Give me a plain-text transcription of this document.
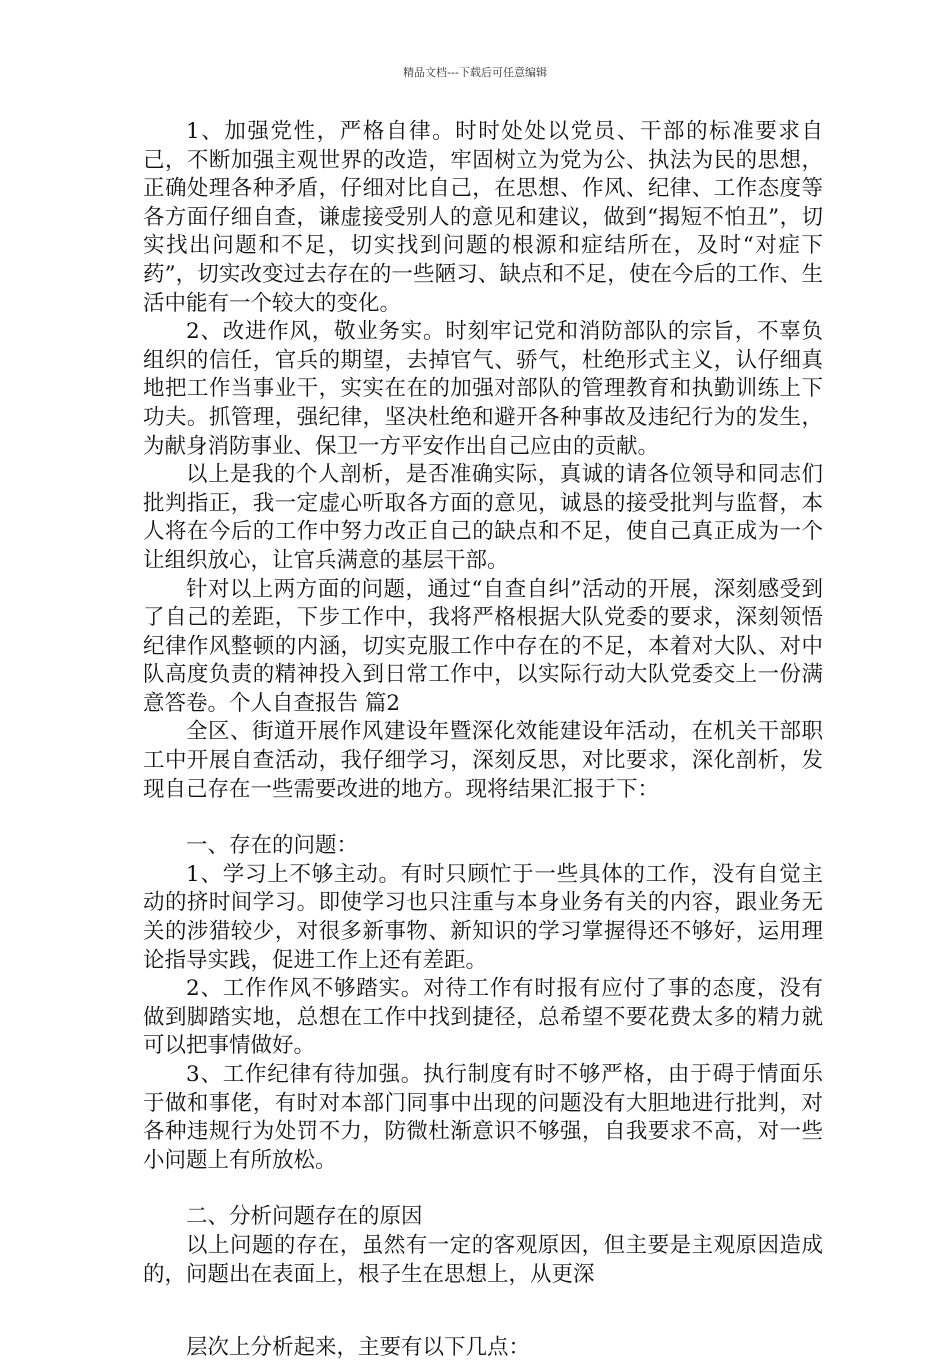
精品文档---下载后可任意编辑

1、加强党性，严格自律。时时处处以党员、干部的标准要求自己，不断加强主观世界的改造，牢固树立为党为公、执法为民的思想，正确处理各种矛盾，仔细对比自己，在思想、作风、纪律、工作态度等各方面仔细自查，谦虚接受别人的意见和建议，做到“揭短不怕丑”，切实找出问题和不足，切实找到问题的根源和症结所在，及时“对症下药”，切实改变过去存在的一些陋习、缺点和不足，使在今后的工作、生活中能有一个较大的变化。

2、改进作风，敬业务实。时刻牢记党和消防部队的宗旨，不辜负组织的信任，官兵的期望，去掉官气、骄气，杜绝形式主义，认仔细真地把工作当事业干，实实在在的加强对部队的管理教育和执勤训练上下功夫。抓管理，强纪律，坚决杜绝和避开各种事故及违纪行为的发生，为献身消防事业、保卫一方平安作出自己应由的贡献。

以上是我的个人剖析，是否准确实际，真诚的请各位领导和同志们批判指正，我一定虚心听取各方面的意见，诚恳的接受批判与监督，本人将在今后的工作中努力改正自己的缺点和不足，使自己真正成为一个让组织放心，让官兵满意的基层干部。

针对以上两方面的问题，通过“自查自纠”活动的开展，深刻感受到了自己的差距，下步工作中，我将严格根据大队党委的要求，深刻领悟纪律作风整顿的内涵，切实克服工作中存在的不足，本着对大队、对中队高度负责的精神投入到日常工作中，以实际行动大队党委交上一份满意答卷。个人自查报告 篇2

全区、街道开展作风建设年暨深化效能建设年活动，在机关干部职工中开展自查活动，我仔细学习，深刻反思，对比要求，深化剖析，发现自己存在一些需要改进的地方。现将结果汇报于下：

一、存在的问题：

1、学习上不够主动。有时只顾忙于一些具体的工作，没有自觉主动的挤时间学习。即使学习也只注重与本身业务有关的内容，跟业务无关的涉猎较少，对很多新事物、新知识的学习掌握得还不够好，运用理论指导实践，促进工作上还有差距。

2、工作作风不够踏实。对待工作有时报有应付了事的态度，没有做到脚踏实地，总想在工作中找到捷径，总希望不要花费太多的精力就可以把事情做好。

3、工作纪律有待加强。执行制度有时不够严格，由于碍于情面乐于做和事佬，有时对本部门同事中出现的问题没有大胆地进行批判，对各种违规行为处罚不力，防微杜渐意识不够强，自我要求不高，对一些小问题上有所放松。

二、分析问题存在的原因

以上问题的存在，虽然有一定的客观原因，但主要是主观原因造成的，问题出在表面上，根子生在思想上，从更深

层次上分析起来，主要有以下几点：
